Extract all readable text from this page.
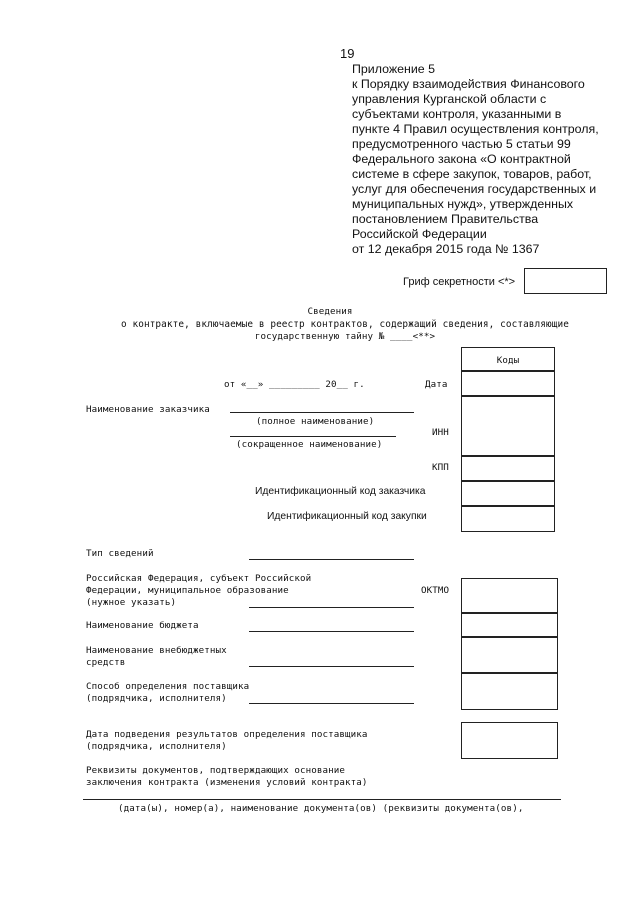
19
Приложение 5
к Порядку взаимодействия Финансового
управления Курганской области с
субъектами контроля, указанными в
пункте 4 Правил осуществления контроля,
предусмотренного частью 5 статьи 99
Федерального закона «О контрактной
системе в сфере закупок, товаров, работ,
услуг для обеспечения государственных и
муниципальных нужд», утвержденных
постановлением Правительства
Российской Федерации
от 12 декабря 2015 года № 1367
Гриф секретности <*>
Сведения
о контракте, включаемые в реестр контрактов, содержащий сведения, составляющие
государственную тайну № ____<**>
Коды
от «__» _________ 20__ г.	Дата
Наименование заказчика
(полное наименование)
(сокращенное наименование)
ИНН
КПП
Идентификационный код заказчика
Идентификационный код закупки
Тип сведений
Российская Федерация, субъект Российской
Федерации, муниципальное образование
(нужное указать)
ОКТМО
Наименование бюджета
Наименование внебюджетных
средств
Способ определения поставщика
(подрядчика, исполнителя)
Дата подведения результатов определения поставщика
(подрядчика, исполнителя)
Реквизиты документов, подтверждающих основание
заключения контракта (изменения условий контракта)
(дата(ы), номер(а), наименование документа(ов) (реквизиты документа(ов),
